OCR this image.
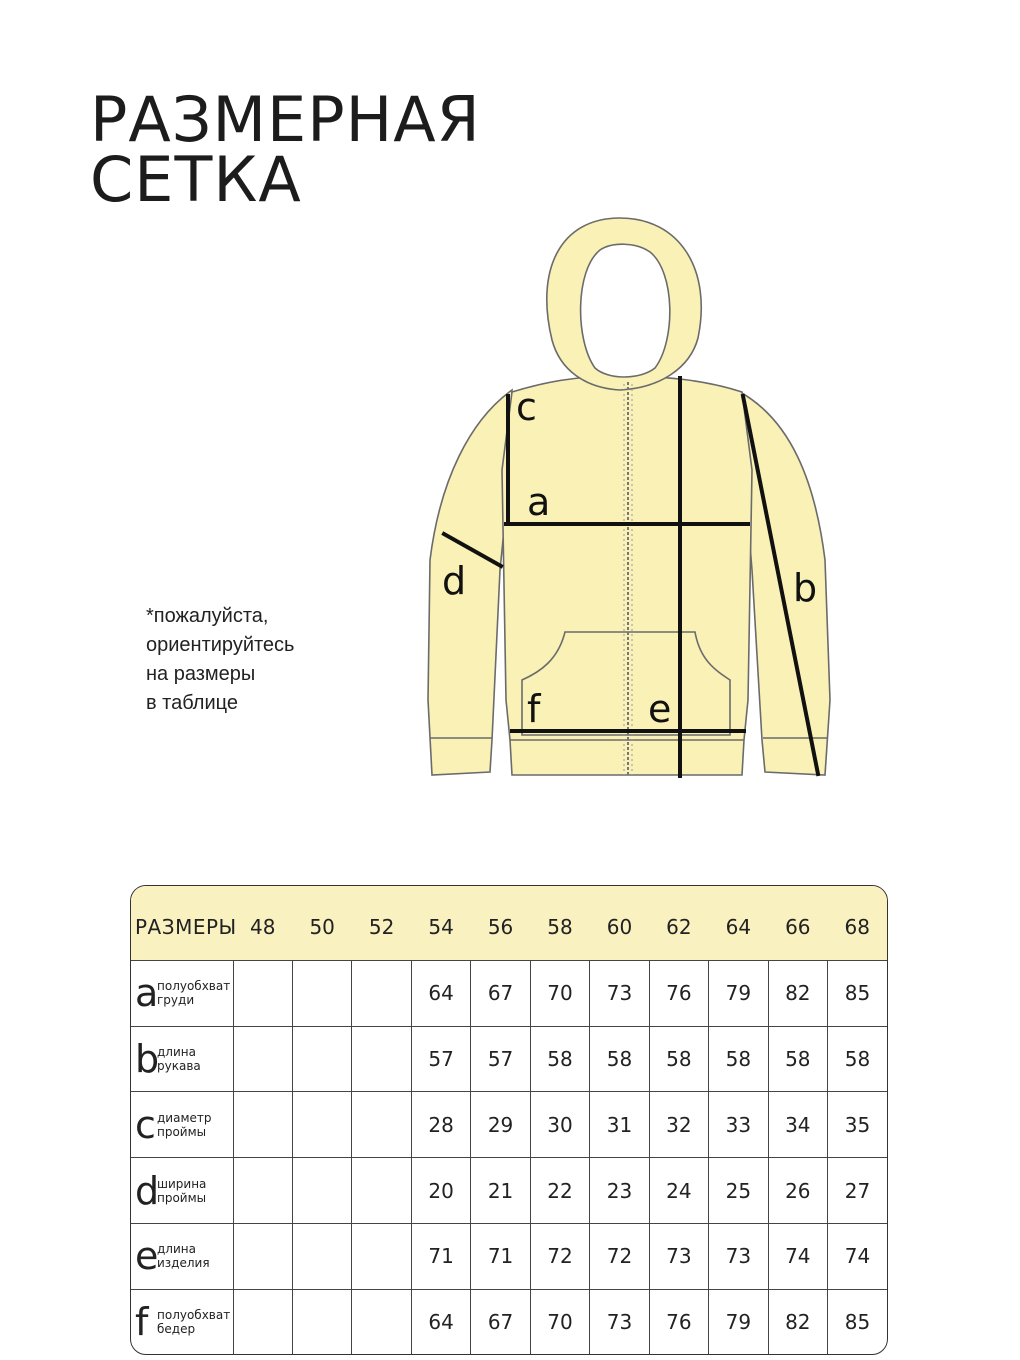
РАЗМЕРНАЯ
СЕТКА
c
a
d	b
f	e
*пожалуйста,
ориентируйтесь
на размеры
в таблице
РАЗМЕРЫ	48	50	52	54	56	58	60	62	64	66	68
a
полуобхват
груди				64	67	70	73	76	79	82	85
b
длина
рукава				57	57	58	58	58	58	58	58
c диаметр
проймы				28	29	30	31	32	33	34	35
d
ширина
проймы				20	21	22	23	24	25	26	27
e
длина
изделия				71	71	72	72	73	73	74	74
f полуобхват
бедер				64	67	70	73	76	79	82	85
